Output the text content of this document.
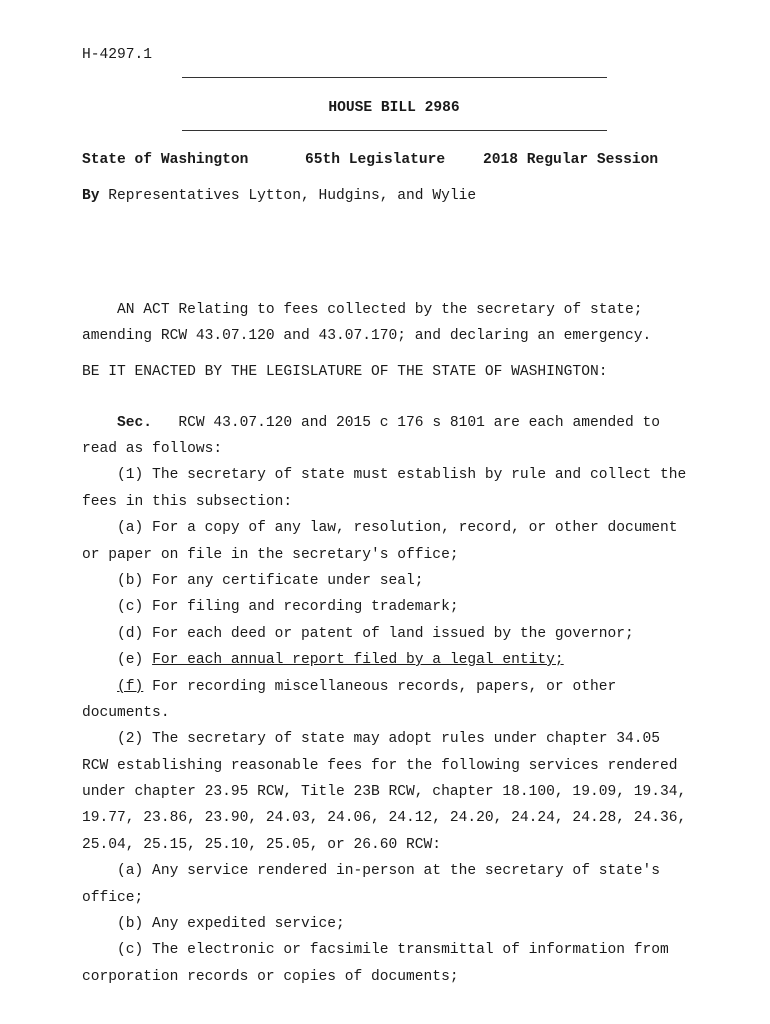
H-4297.1
HOUSE BILL 2986
State of Washington	65th Legislature	2018 Regular Session
By Representatives Lytton, Hudgins, and Wylie
AN ACT Relating to fees collected by the secretary of state;
amending RCW 43.07.120 and 43.07.170; and declaring an emergency.
BE IT ENACTED BY THE LEGISLATURE OF THE STATE OF WASHINGTON:
Sec. RCW 43.07.120 and 2015 c 176 s 8101 are each amended to
read as follows:
(1) The secretary of state must establish by rule and collect the
fees in this subsection:
(a) For a copy of any law, resolution, record, or other document
or paper on file in the secretary's office;
(b) For any certificate under seal;
(c) For filing and recording trademark;
(d) For each deed or patent of land issued by the governor;
(e) For each annual report filed by a legal entity;
(f) For recording miscellaneous records, papers, or other
documents.
(2) The secretary of state may adopt rules under chapter 34.05
RCW establishing reasonable fees for the following services rendered
under chapter 23.95 RCW, Title 23B RCW, chapter 18.100, 19.09, 19.34,
19.77, 23.86, 23.90, 24.03, 24.06, 24.12, 24.20, 24.24, 24.28, 24.36,
25.04, 25.15, 25.10, 25.05, or 26.60 RCW:
(a) Any service rendered in-person at the secretary of state's
office;
(b) Any expedited service;
(c) The electronic or facsimile transmittal of information from
corporation records or copies of documents;
